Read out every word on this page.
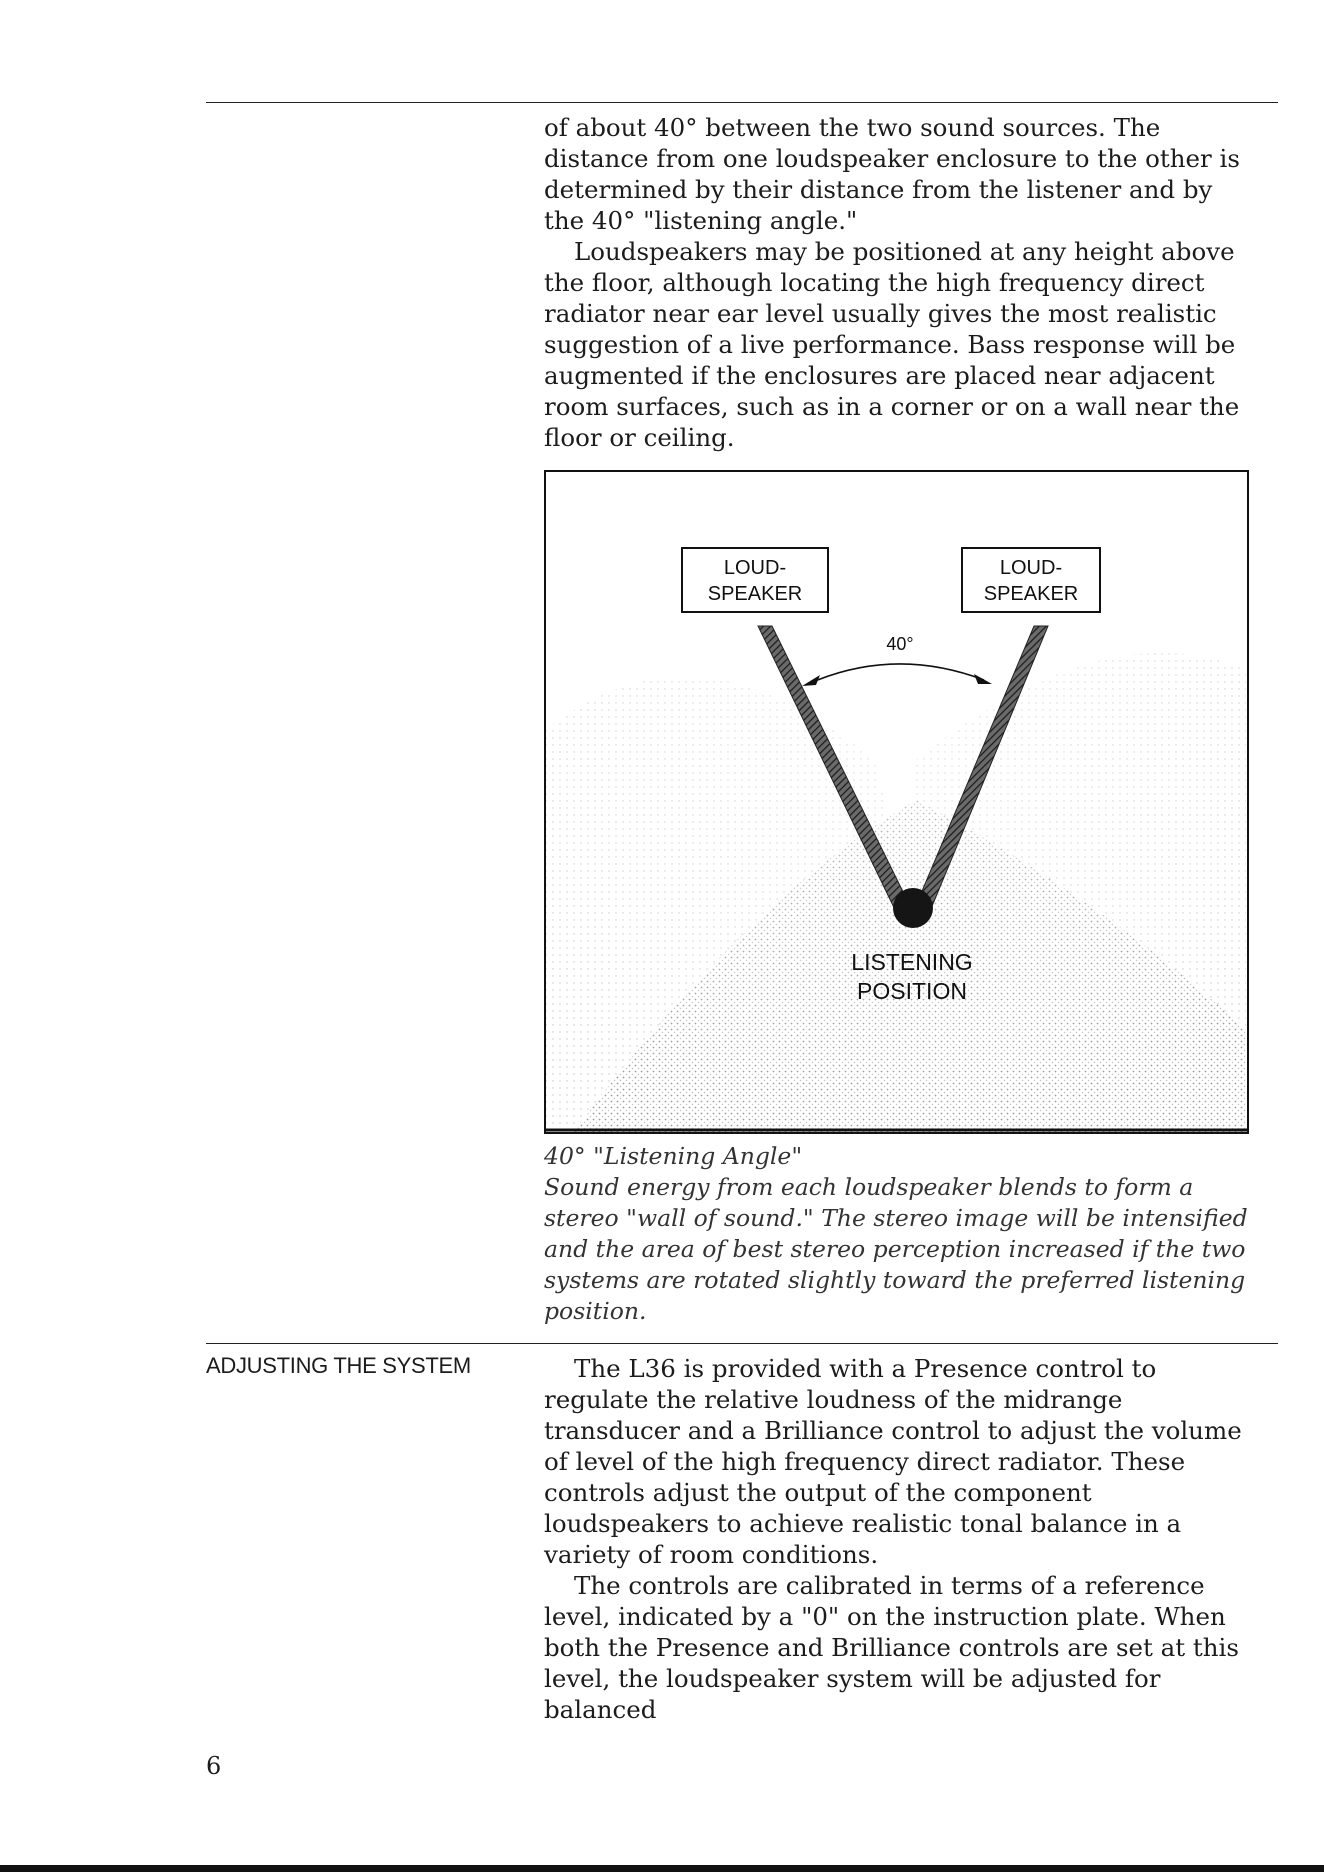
of about 40° between the two sound sources. The distance from one loudspeaker enclosure to the other is determined by their distance from the listener and by the 40° "listening angle."

Loudspeakers may be positioned at any height above the floor, although locating the high frequency direct radiator near ear level usually gives the most realistic suggestion of a live performance. Bass response will be augmented if the enclosures are placed near adjacent room surfaces, such as in a corner or on a wall near the floor or ceiling.

LOUD-
SPEAKER
LOUD-
SPEAKER
40°
LISTENING
POSITION
40° "Listening Angle"
Sound energy from each loudspeaker blends to form a stereo "wall of sound." The stereo image will be intensified and the area of best stereo perception increased if the two systems are rotated slightly toward the preferred listening position.
ADJUSTING THE SYSTEM	The L36 is provided with a Presence control to regulate the relative loudness of the midrange transducer and a Brilliance control to adjust the volume of level of the high frequency direct radiator. These controls adjust the output of the component loudspeakers to achieve realistic tonal balance in a variety of room conditions.

The controls are calibrated in terms of a reference level, indicated by a "0" on the instruction plate. When both the Presence and Brilliance controls are set at this level, the loudspeaker system will be adjusted for balanced

6
